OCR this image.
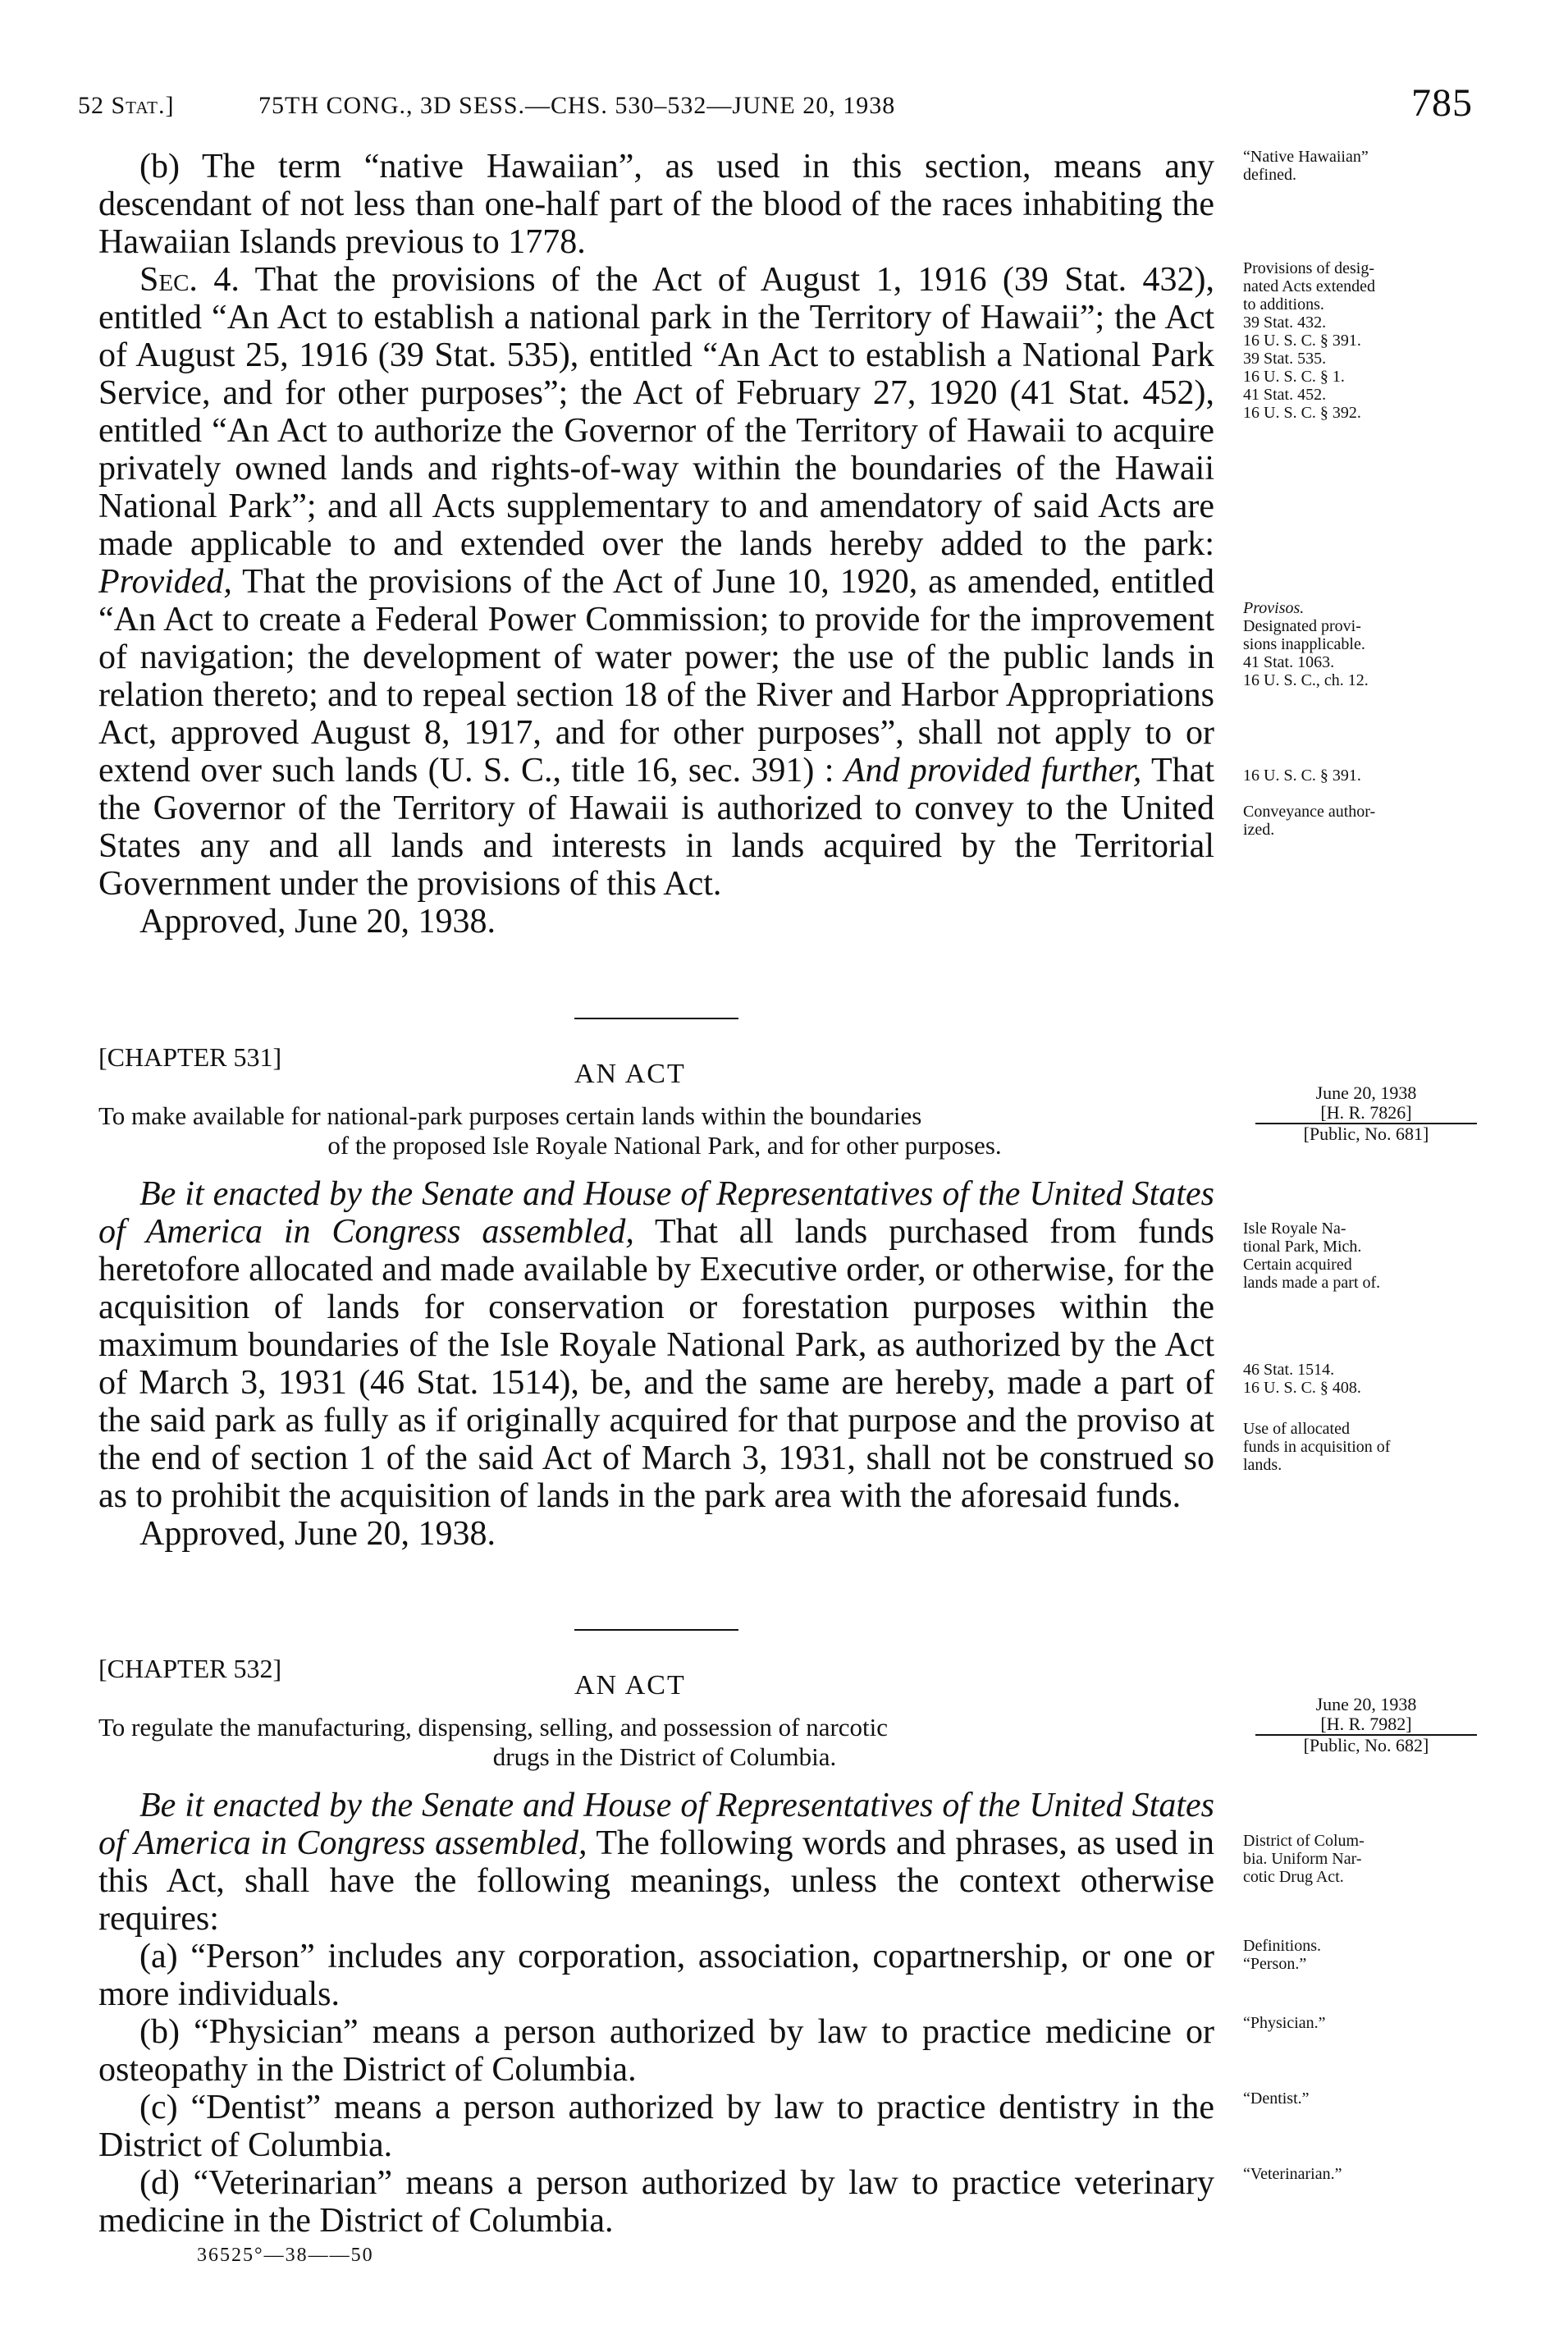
52 Stat.]	75TH CONG., 3D SESS.—CHS. 530–532—JUNE 20, 1938	785

(b) The term “native Hawaiian”, as used in this section, means any descendant of not less than one-half part of the blood of the races inhabiting the Hawaiian Islands previous to 1778.

Sec. 4. That the provisions of the Act of August 1, 1916 (39 Stat. 432), entitled “An Act to establish a national park in the Territory of Hawaii”; the Act of August 25, 1916 (39 Stat. 535), entitled “An Act to establish a National Park Service, and for other purposes”; the Act of February 27, 1920 (41 Stat. 452), entitled “An Act to authorize the Governor of the Territory of Hawaii to acquire privately owned lands and rights-of-way within the boundaries of the Hawaii National Park”; and all Acts supplementary to and amendatory of said Acts are made applicable to and extended over the lands hereby added to the park: Provided, That the provisions of the Act of June 10, 1920, as amended, entitled “An Act to create a Federal Power Commission; to provide for the improvement of navigation; the development of water power; the use of the public lands in relation thereto; and to repeal section 18 of the River and Harbor Appropriations Act, approved August 8, 1917, and for other purposes”, shall not apply to or extend over such lands (U. S. C., title 16, sec. 391) : And provided further, That the Governor of the Territory of Hawaii is authorized to convey to the United States any and all lands and interests in lands acquired by the Territorial Government under the provisions of this Act.

Approved, June 20, 1938.

“Native Hawaiian”
defined.
Provisions of desig-
nated Acts extended
to additions.
39 Stat. 432.
16 U. S. C. § 391.
39 Stat. 535.
16 U. S. C. § 1.
41 Stat. 452.
16 U. S. C. § 392.
Provisos.
Designated provi-
sions inapplicable.
41 Stat. 1063.
16 U. S. C., ch. 12.
16 U. S. C. § 391.
Conveyance author-
ized.
[CHAPTER 531]
AN ACT
June 20, 1938
[H. R. 7826]
[Public, No. 681]
To make available for national-park purposes certain lands within the boundaries
of the proposed Isle Royale National Park, and for other purposes.

Be it enacted by the Senate and House of Representatives of the United States of America in Congress assembled, That all lands purchased from funds heretofore allocated and made available by Executive order, or otherwise, for the acquisition of lands for conservation or forestation purposes within the maximum boundaries of the Isle Royale National Park, as authorized by the Act of March 3, 1931 (46 Stat. 1514), be, and the same are hereby, made a part of the said park as fully as if originally acquired for that purpose and the proviso at the end of section 1 of the said Act of March 3, 1931, shall not be construed so as to prohibit the acquisition of lands in the park area with the aforesaid funds.

Approved, June 20, 1938.

Isle Royale Na-
tional Park, Mich.
Certain acquired
lands made a part of.
46 Stat. 1514.
16 U. S. C. § 408.
Use of allocated
funds in acquisition of
lands.
[CHAPTER 532]
AN ACT
June 20, 1938
[H. R. 7982]
[Public, No. 682]
To regulate the manufacturing, dispensing, selling, and possession of narcotic
drugs in the District of Columbia.

Be it enacted by the Senate and House of Representatives of the United States of America in Congress assembled, The following words and phrases, as used in this Act, shall have the following meanings, unless the context otherwise requires:

(a) “Person” includes any corporation, association, copartnership, or one or more individuals.

(b) “Physician” means a person authorized by law to practice medicine or osteopathy in the District of Columbia.

(c) “Dentist” means a person authorized by law to practice dentistry in the District of Columbia.

(d) “Veterinarian” means a person authorized by law to practice veterinary medicine in the District of Columbia.

District of Colum-
bia. Uniform Nar-
cotic Drug Act.
Definitions.
“Person.”
“Physician.”
“Dentist.”
“Veterinarian.”
36525°—38——50
